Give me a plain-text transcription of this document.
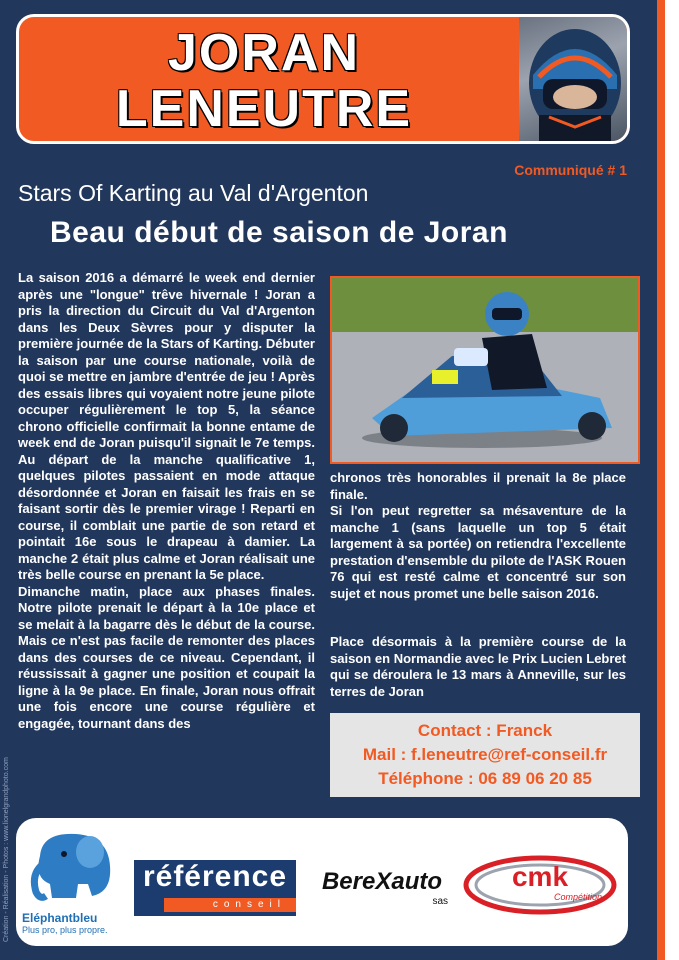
JORAN
LENEUTRE
Communiqué # 1
Stars Of Karting au Val d'Argenton
Beau début de saison de Joran

La saison 2016 a démarré le week end dernier après une "longue" trêve hivernale ! Joran a pris la direction du Circuit du Val d'Argenton dans les Deux Sèvres pour y disputer la première journée de la Stars of Karting. Débuter la saison par une course nationale, voilà de quoi se mettre en jambre d'entrée de jeu ! Après des essais libres qui voyaient notre jeune pilote occuper régulièrement le top 5, la séance chrono officielle confirmait la bonne entame de week end de Joran puisqu'il signait le 7e temps. Au départ de la manche qualificative 1, quelques pilotes passaient en mode attaque désordonnée et Joran en faisait les frais en se faisant sortir dès le premier virage ! Reparti en course, il comblait une partie de son retard et pointait 16e sous le drapeau à damier. La manche 2 était plus calme et Joran réalisait une très belle course en prenant la 5e place.

Dimanche matin, place aux phases finales. Notre pilote prenait le départ à la 10e place et se melait à la bagarre dès le début de la course. Mais ce n'est pas facile de remonter des places dans des courses de ce niveau. Cependant, il réussissait à gagner une position et coupait la ligne à la 9e place. En finale, Joran nous offrait une fois encore une course régulière et engagée, tournant dans des

chronos très honorables il prenait la 8e place finale.

Si l'on peut regretter sa mésaventure de la manche 1 (sans laquelle un top 5 était largement à sa portée) on retiendra l'excellente prestation d'ensemble du pilote de l'ASK Rouen 76 qui est resté calme et concentré sur son sujet et nous promet une belle saison 2016.

Place désormais à la première course de la saison en Normandie avec le Prix Lucien Lebret qui se déroulera le 13 mars à Anneville, sur les terres de Joran

Contact : Franck
Mail : f.leneutre@ref-conseil.fr
Téléphone : 06 89 06 20 85
Eléphantbleu
Plus pro, plus propre.
référence
conseil
BereXauto
sas
cmk
Compétition
Création - Réalisation - Photos : www.lionelgrandphoto.com
